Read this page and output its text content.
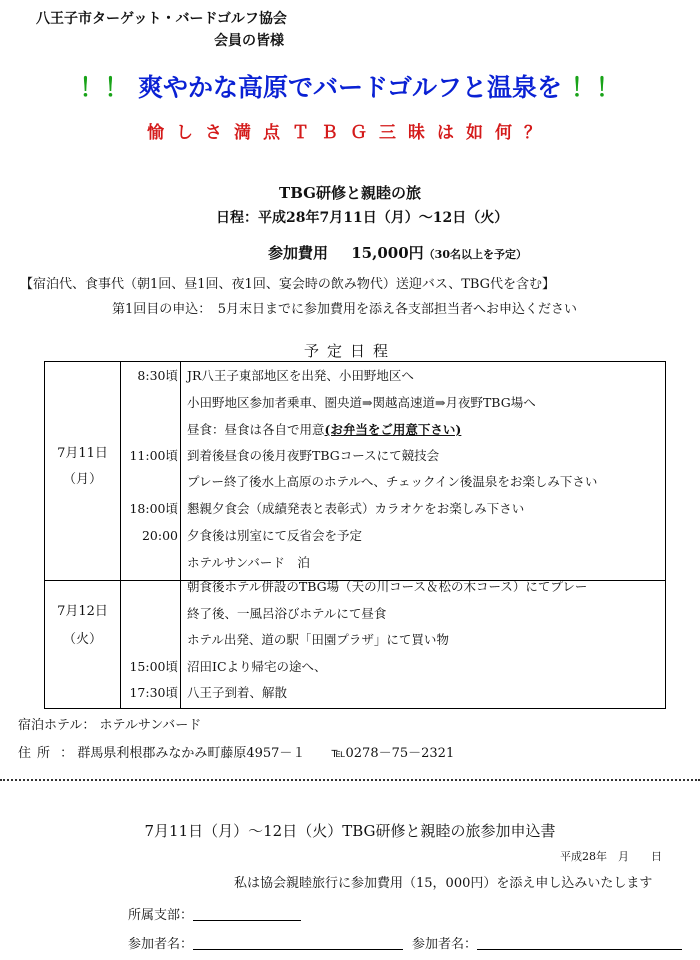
八王子市ターゲット・バードゴルフ協会
会員の皆様
！！ 爽やかな高原でバードゴルフと温泉を ！！
愉しさ満点ＴＢＧ三昧は如何？
TBG研修と親睦の旅
日程：平成28年7月11日（月）～12日（火）
参加費用 15,000円（30名以上を予定）
【宿泊代、食事代（朝1回、昼1回、夜1回、宴会時の飲み物代）送迎バス、TBG代を含む】
第1回目の申込：　5月末日までに参加費用を添え各支部担当者へお申込ください
予定日程
7月11日
（月）
8:30頃 JR八王子東部地区を出発、小田野地区へ
小田野地区参加者乗車、圏央道⇒関越高速道⇒月夜野TBG場へ
昼食：昼食は各自で用意(お弁当をご用意下さい)
11:00頃 到着後昼食の後月夜野TBGコースにて競技会
プレー終了後水上高原のホテルへ、チェックイン後温泉をお楽しみ下さい
18:00頃 懇親夕食会（成績発表と表彰式）カラオケをお楽しみ下さい
20:00 夕食後は別室にて反省会を予定
ホテルサンバード　泊
7月12日
（火）
朝食後ホテル併設のTBG場（天の川コース＆松の木コース）にてプレー
終了後、一風呂浴びホテルにて昼食
ホテル出発、道の駅「田園プラザ」にて買い物
15:00頃 沼田ICより帰宅の途へ、
17:30頃 八王子到着、解散
宿泊ホテル： ホテルサンバード
住所 ： 群馬県利根郡みなかみ町藤原4957－１ ℡0278－75－2321
7月11日（月）～12日（火）TBG研修と親睦の旅参加申込書
平成28年　月　　日
私は協会親睦旅行に参加費用（15，000円）を添え申し込みいたします
所属支部：
参加者名：	参加者名：
